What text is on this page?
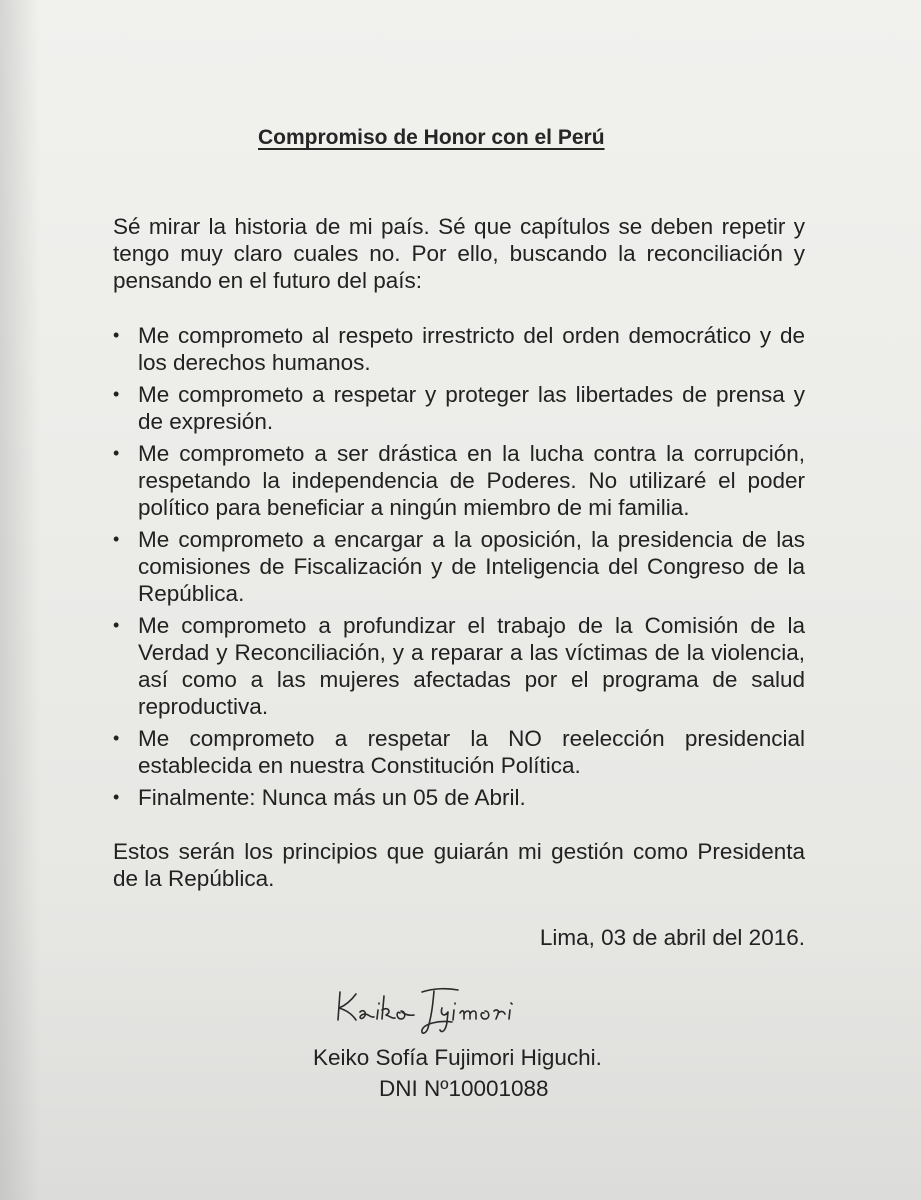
Compromiso de Honor con el Perú
Sé mirar la historia de mi país. Sé que capítulos se deben repetir y tengo muy claro cuales no. Por ello, buscando la reconciliación y pensando en el futuro del país:
• Me comprometo al respeto irrestricto del orden democrático y de los derechos humanos.
• Me comprometo a respetar y proteger las libertades de prensa y de expresión.
• Me comprometo a ser drástica en la lucha contra la corrupción, respetando la independencia de Poderes. No utilizaré el poder político para beneficiar a ningún miembro de mi familia.
• Me comprometo a encargar a la oposición, la presidencia de las comisiones de Fiscalización y de Inteligencia del Congreso de la República.
• Me comprometo a profundizar el trabajo de la Comisión de la Verdad y Reconciliación, y a reparar a las víctimas de la violencia, así como a las mujeres afectadas por el programa de salud reproductiva.
• Me comprometo a respetar la NO reelección presidencial establecida en nuestra Constitución Política.
• Finalmente: Nunca más un 05 de Abril.
Estos serán los principios que guiarán mi gestión como Presidenta de la República.
Lima, 03 de abril del 2016.
Keiko Sofía Fujimori Higuchi.
DNI Nº10001088
